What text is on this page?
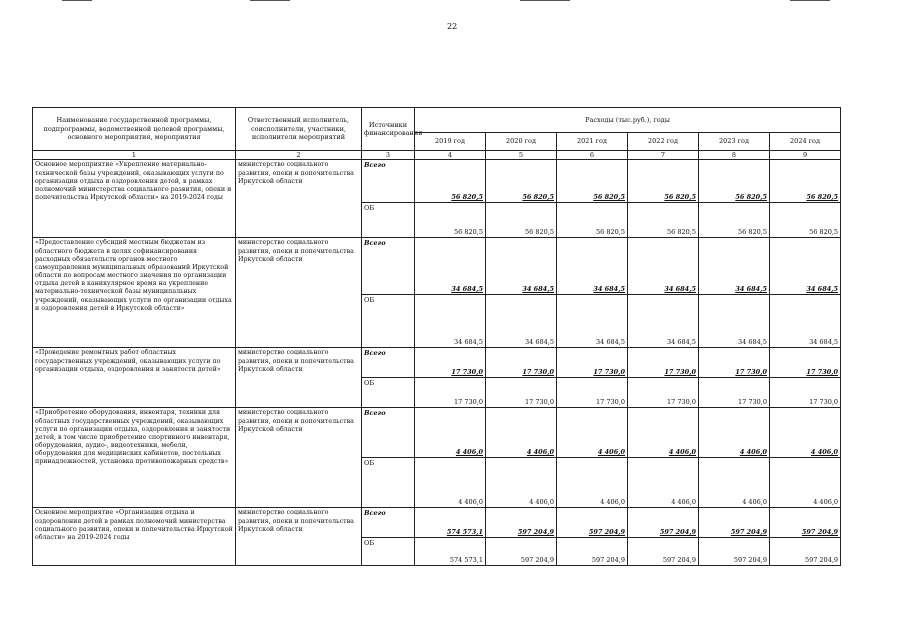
22
Наименование государственной программы, подпрограммы, ведомственной целевой программы, основного мероприятия, мероприятия	Ответственный исполнитель, соисполнители, участники, исполнители мероприятий	Источники финансирования	Расходы (тыс.руб.), годы					
			2019 год	2020 год	2021 год	2022 год	2023 год	2024 год
1	2	3	4	5	6	7	8	9
Основное мероприятие «Укрепление материально-технической базы учреждений, оказывающих услуги по организации отдыха и оздоровления детей, в рамках полномочий министерства социального развития, опеки и попечительства Иркутской области» на 2019-2024 годы	министерство социального развития, опеки и попечительства Иркутской области	Всего	56 820,5	56 820,5	56 820,5	56 820,5	56 820,5	56 820,5
		ОБ	56 820,5	56 820,5	56 820,5	56 820,5	56 820,5	56 820,5
«Предоставление субсидий местным бюджетам из областного бюджета в целях софинансирования расходных обязательств органов местного самоуправления муниципальных образований Иркутской области по вопросам местного значения по организации отдыха детей в каникулярное время на укрепление материально-технической базы муниципальных учреждений, оказывающих услуги по организации отдыха и оздоровления детей в Иркутской области»	министерство социального развития, опеки и попечительства Иркутской области	Всего	34 684,5	34 684,5	34 684,5	34 684,5	34 684,5	34 684,5
		ОБ	34 684,5	34 684,5	34 684,5	34 684,5	34 684,5	34 684,5
«Проведение ремонтных работ областных государственных учреждений, оказывающих услуги по организации отдыха, оздоровления и занятости детей»	министерство социального развития, опеки и попечительства Иркутской области	Всего	17 730,0	17 730,0	17 730,0	17 730,0	17 730,0	17 730,0
		ОБ	17 730,0	17 730,0	17 730,0	17 730,0	17 730,0	17 730,0
«Приобретение оборудования, инвентаря, техники для областных государственных учреждений, оказывающих услуги по организации отдыха, оздоровления и занятости детей, в том числе приобретение спортивного инвентаря, оборудования, аудио-, видеотехники, мебели, оборудования для медицинских кабинетов, постельных принадлежностей, установка противопожарных средств»	министерство социального развития, опеки и попечительства Иркутской области	Всего	4 406,0	4 406,0	4 406,0	4 406,0	4 406,0	4 406,0
		ОБ	4 406,0	4 406,0	4 406,0	4 406,0	4 406,0	4 406,0
Основное мероприятие «Организация отдыха и оздоровления детей в рамках полномочий министерства социального развития, опеки и попечительства Иркутской области» на 2019-2024 годы	министерство социального развития, опеки и попечительства Иркутской области	Всего	574 573,1	597 204,9	597 204,9	597 204,9	597 204,9	597 204,9
		ОБ	574 573,1	597 204,9	597 204,9	597 204,9	597 204,9	597 204,9
